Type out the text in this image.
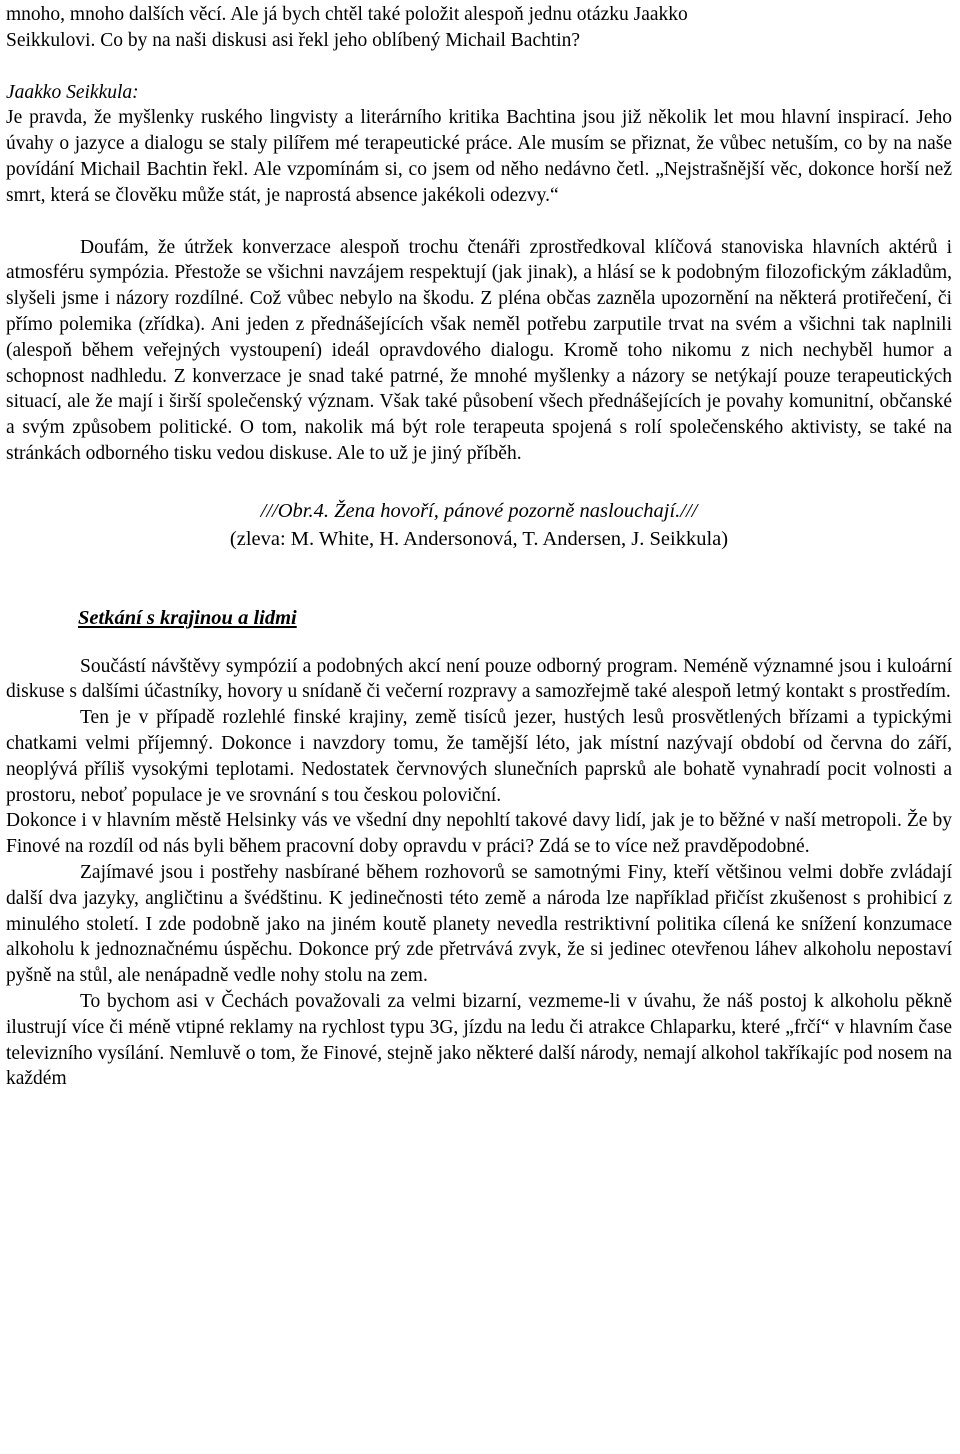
mnoho, mnoho dalších věcí. Ale já bych chtěl také položit alespoň jednu otázku Jaakko

Seikkulovi. Co by na naši diskusi asi řekl jeho oblíbený Michail Bachtin?

Jaakko Seikkula:

Je pravda, že myšlenky ruského lingvisty a literárního kritika Bachtina jsou již několik let mou hlavní inspirací. Jeho úvahy o jazyce a dialogu se staly pilířem mé terapeutické práce. Ale musím se přiznat, že vůbec netuším, co by na naše povídání Michail Bachtin řekl. Ale vzpomínám si, co jsem od něho nedávno četl. „Nejstrašnější věc, dokonce horší než smrt, která se člověku může stát, je naprostá absence jakékoli odezvy.“

Doufám, že útržek konverzace alespoň trochu čtenáři zprostředkoval klíčová stanoviska hlavních aktérů i atmosféru sympózia. Přestože se všichni navzájem respektují (jak jinak), a hlásí se k podobným filozofickým základům, slyšeli jsme i názory rozdílné. Což vůbec nebylo na škodu. Z pléna občas zazněla upozornění na některá protiřečení, či přímo polemika (zřídka). Ani jeden z přednášejících však neměl potřebu zarputile trvat na svém a všichni tak naplnili (alespoň během veřejných vystoupení) ideál opravdového dialogu. Kromě toho nikomu z nich nechyběl humor a schopnost nadhledu. Z konverzace je snad také patrné, že mnohé myšlenky a názory se netýkají pouze terapeutických situací, ale že mají i širší společenský význam. Však také působení všech přednášejících je povahy komunitní, občanské a svým způsobem politické. O tom, nakolik má být role terapeuta spojená s rolí společenského aktivisty, se také na stránkách odborného tisku vedou diskuse. Ale to už je jiný příběh.

///Obr.4. Žena hovoří, pánové pozorně naslouchají.///

(zleva: M. White, H. Andersonová, T. Andersen, J. Seikkula)

Setkání s krajinou a lidmi

Součástí návštěvy sympózií a podobných akcí není pouze odborný program. Neméně významné jsou i kuloární diskuse s dalšími účastníky, hovory u snídaně či večerní rozpravy a samozřejmě také alespoň letmý kontakt s prostředím.

Ten je v případě rozlehlé finské krajiny, země tisíců jezer, hustých lesů prosvětlených břízami a typickými chatkami velmi příjemný. Dokonce i navzdory tomu, že tamější léto, jak místní nazývají období od června do září, neoplývá příliš vysokými teplotami. Nedostatek červnových slunečních paprsků ale bohatě vynahradí pocit volnosti a prostoru, neboť populace je ve srovnání s tou českou poloviční.

Dokonce i v hlavním městě Helsinky vás ve všední dny nepohltí takové davy lidí, jak je to běžné v naší metropoli. Že by Finové na rozdíl od nás byli během pracovní doby opravdu v práci? Zdá se to více než pravděpodobné.

Zajímavé jsou i postřehy nasbírané během rozhovorů se samotnými Finy, kteří většinou velmi dobře zvládají další dva jazyky, angličtinu a švédštinu. K jedinečnosti této země a národa lze například přičíst zkušenost s prohibicí z minulého století. I zde podobně jako na jiném koutě planety nevedla restriktivní politika cílená ke snížení konzumace alkoholu k jednoznačnému úspěchu. Dokonce prý zde přetrvává zvyk, že si jedinec otevřenou láhev alkoholu nepostaví pyšně na stůl, ale nenápadně vedle nohy stolu na zem.

To bychom asi v Čechách považovali za velmi bizarní, vezmeme-li v úvahu, že náš postoj k alkoholu pěkně ilustrují více či méně vtipné reklamy na rychlost typu 3G, jízdu na ledu či atrakce Chlaparku, které „frčí“ v hlavním čase televizního vysílání. Nemluvě o tom, že Finové, stejně jako některé další národy, nemají alkohol takříkajíc pod nosem na každém
